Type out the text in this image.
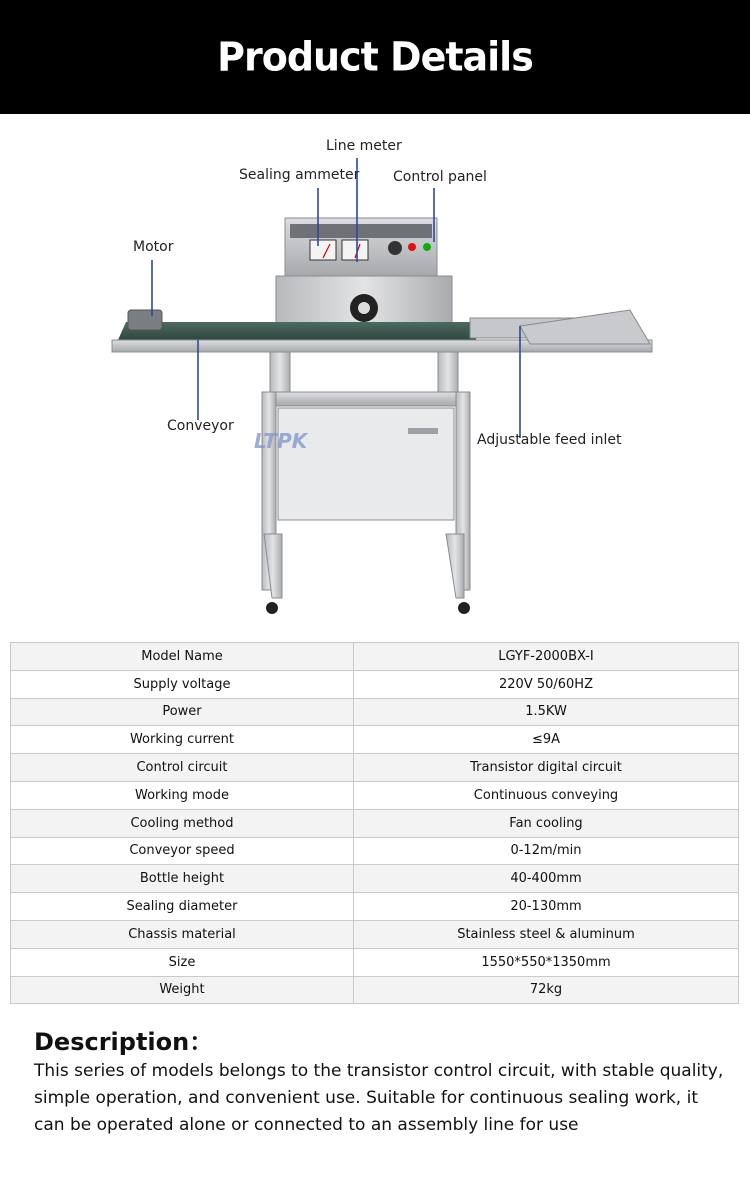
Product Details
LTPK
Line meter
Sealing ammeter Control panel
Motor
Conveyor
Adjustable feed inlet
Model Name	LGYF-2000BX-I
Supply voltage	220V 50/60HZ
Power	1.5KW
Working current	≤9A
Control circuit	Transistor digital circuit
Working mode	Continuous conveying
Cooling method	Fan cooling
Conveyor speed	0-12m/min
Bottle height	40-400mm
Sealing diameter	20-130mm
Chassis material	Stainless steel & aluminum
Size	1550*550*1350mm
Weight	72kg
Description：

This series of models belongs to the transistor control circuit, with stable quality, simple operation, and convenient use. Suitable for continuous sealing work, it can be operated alone or connected to an assembly line for use
